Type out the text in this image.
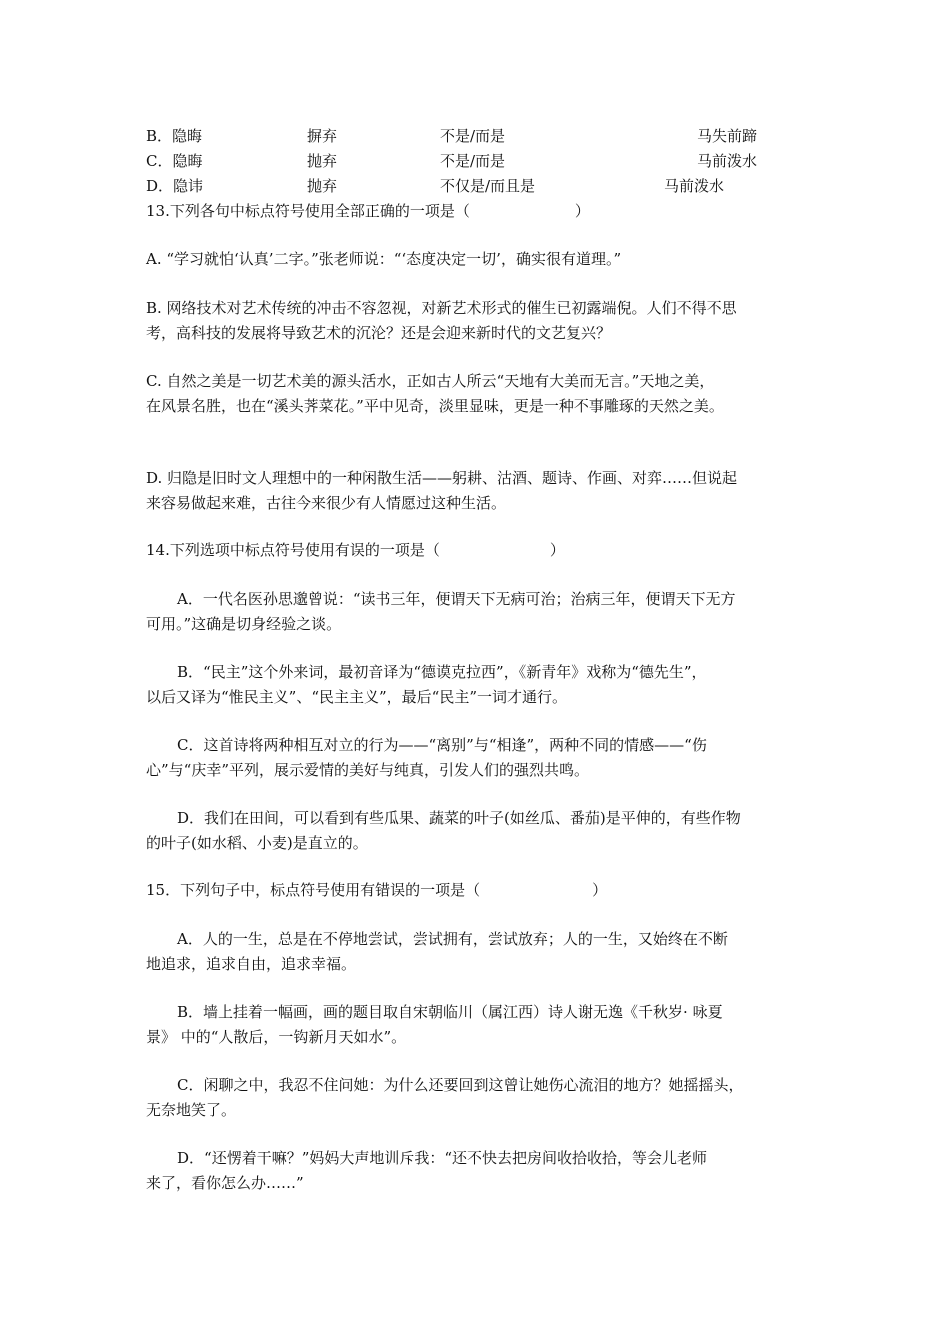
B．隐晦	摒弃	不是/而是	马失前蹄
C．隐晦	抛弃	不是/而是	马前泼水
D．隐讳	抛弃	不仅是/而且是	马前泼水
13.下列各句中标点符号使用全部正确的一项是（	）
A. “学习就怕‘认真’二字。”张老师说：“‘态度决定一切’，确实很有道理。”
B. 网络技术对艺术传统的冲击不容忽视，对新艺术形式的催生已初露端倪。人们不得不思
考，高科技的发展将导致艺术的沉沦？还是会迎来新时代的文艺复兴？
C. 自然之美是一切艺术美的源头活水，正如古人所云“天地有大美而无言。”天地之美，
在风景名胜，也在“溪头荠菜花。”平中见奇，淡里显味，更是一种不事雕琢的天然之美。
D. 归隐是旧时文人理想中的一种闲散生活——躬耕、沽酒、题诗、作画、对弈……但说起
来容易做起来难，古往今来很少有人情愿过这种生活。
14.下列选项中标点符号使用有误的一项是（	）
A．一代名医孙思邈曾说：“读书三年，便谓天下无病可治；治病三年，便谓天下无方
可用。”这确是切身经验之谈。
B．“民主”这个外来词，最初音译为“德谟克拉西”，《新青年》戏称为“德先生”，
以后又译为“惟民主义”、“民主主义”，最后“民主”一词才通行。
C．这首诗将两种相互对立的行为——“离别”与“相逢”，两种不同的情感——“伤
心”与“庆幸”平列，展示爱情的美好与纯真，引发人们的强烈共鸣。
D．我们在田间，可以看到有些瓜果、蔬菜的叶子(如丝瓜、番茄)是平伸的，有些作物
的叶子(如水稻、小麦)是直立的。
15．下列句子中，标点符号使用有错误的一项是（	）
A．人的一生，总是在不停地尝试，尝试拥有，尝试放弃；人的一生，又始终在不断
地追求，追求自由，追求幸福。
B．墙上挂着一幅画，画的题目取自宋朝临川（属江西）诗人谢无逸《千秋岁· 咏夏
景》 中的“人散后，一钩新月天如水”。
C．闲聊之中，我忍不住问她：为什么还要回到这曾让她伤心流泪的地方？她摇摇头，
无奈地笑了。
D．“还愣着干嘛？”妈妈大声地训斥我：“还不快去把房间收拾收拾，等会儿老师
来了，看你怎么办……”
